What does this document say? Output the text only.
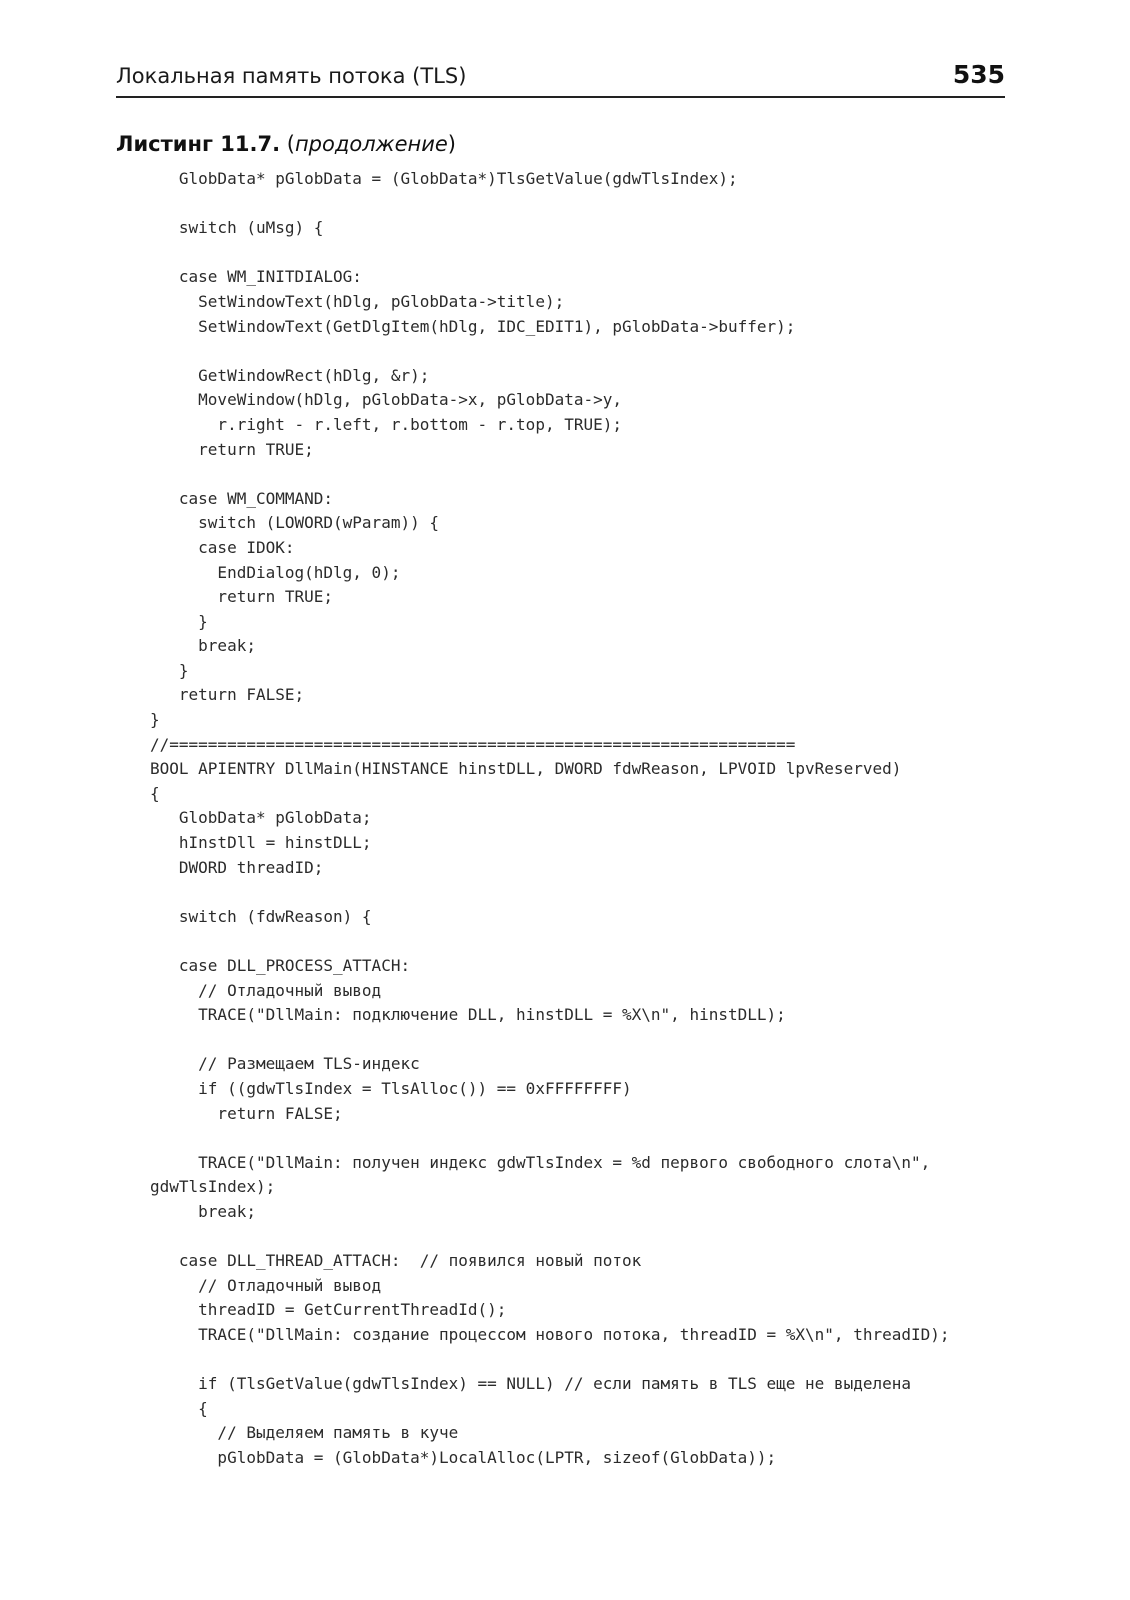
Локальная память потока (TLS)	535
Листинг 11.7. (продолжение)
GlobData* pGlobData = (GlobData*)TlsGetValue(gdwTlsIndex);
switch (uMsg) {
case WM_INITDIALOG:
SetWindowText(hDlg, pGlobData->title);
SetWindowText(GetDlgItem(hDlg, IDC_EDIT1), pGlobData->buffer);
GetWindowRect(hDlg, &r);
MoveWindow(hDlg, pGlobData->x, pGlobData->y,
r.right - r.left, r.bottom - r.top, TRUE);
return TRUE;
case WM_COMMAND:
switch (LOWORD(wParam)) {
case IDOK:
EndDialog(hDlg, 0);
return TRUE;
}
break;
}
return FALSE;
}
//=================================================================
BOOL APIENTRY DllMain(HINSTANCE hinstDLL, DWORD fdwReason, LPVOID lpvReserved)
{
GlobData* pGlobData;
hInstDll = hinstDLL;
DWORD threadID;
switch (fdwReason) {
case DLL_PROCESS_ATTACH:
// Отладочный вывод
TRACE("DllMain: подключение DLL, hinstDLL = %X\n", hinstDLL);
// Размещаем TLS-индекс
if ((gdwTlsIndex = TlsAlloc()) == 0xFFFFFFFF)
return FALSE;
TRACE("DllMain: получен индекс gdwTlsIndex = %d первого свободного слота\n",
gdwTlsIndex);
break;
case DLL_THREAD_ATTACH:  // появился новый поток
// Отладочный вывод
threadID = GetCurrentThreadId();
TRACE("DllMain: создание процессом нового потока, threadID = %X\n", threadID);
if (TlsGetValue(gdwTlsIndex) == NULL) // если память в TLS еще не выделена
{
// Выделяем память в куче
pGlobData = (GlobData*)LocalAlloc(LPTR, sizeof(GlobData));
